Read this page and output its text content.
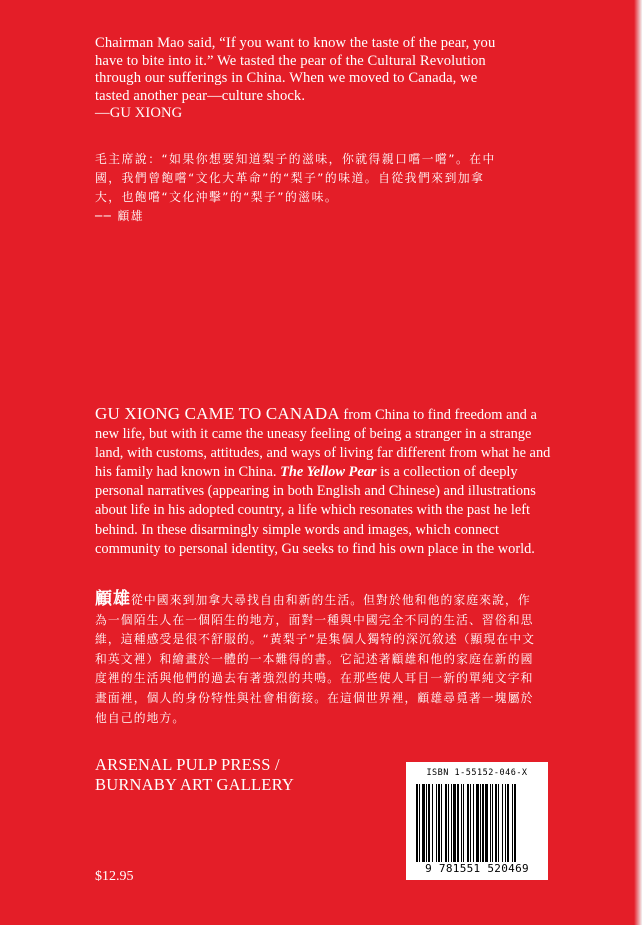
Chairman Mao said, “If you want to know the taste of the pear, you

have to bite into it.” We tasted the pear of the Cultural Revolution

through our sufferings in China. When we moved to Canada, we

tasted another pear—culture shock.

—GU XIONG

毛主席說：“如果你想要知道梨子的滋味，你就得親口嚐一嚐”。在中

國，我們曾飽嚐“文化大革命”的“梨子”的味道。自從我們來到加拿

大，也飽嚐“文化沖擊”的“梨子”的滋味。

── 顧雄

GU XIONG CAME TO CANADA from China to find freedom and a new life, but with it came the uneasy feeling of being a stranger in a strange land, with customs, attitudes, and ways of living far different from what he and his family had known in China. The Yellow Pear is a collection of deeply personal narratives (appearing in both English and Chinese) and illustrations about life in his adopted country, a life which resonates with the past he left behind. In these disarmingly simple words and images, which connect community to personal identity, Gu seeks to find his own place in the world.
顧雄從中國來到加拿大尋找自由和新的生活。但對於他和他的家庭來說，作為一個陌生人在一個陌生的地方，面對一種與中國完全不同的生活、習俗和思維，這種感受是很不舒服的。“黃梨子”是集個人獨特的深沉敘述（顯現在中文和英文裡）和繪畫於一體的一本難得的書。它記述著顧雄和他的家庭在新的國度裡的生活與他們的過去有著強烈的共鳴。在那些使人耳目一新的單純文字和畫面裡，個人的身份特性與社會相銜接。在這個世界裡，顧雄尋覓著一塊屬於他自己的地方。

ARSENAL PULP PRESS /

BURNABY ART GALLERY

$12.95
ISBN 1-55152-046-X
9 781551 520469
